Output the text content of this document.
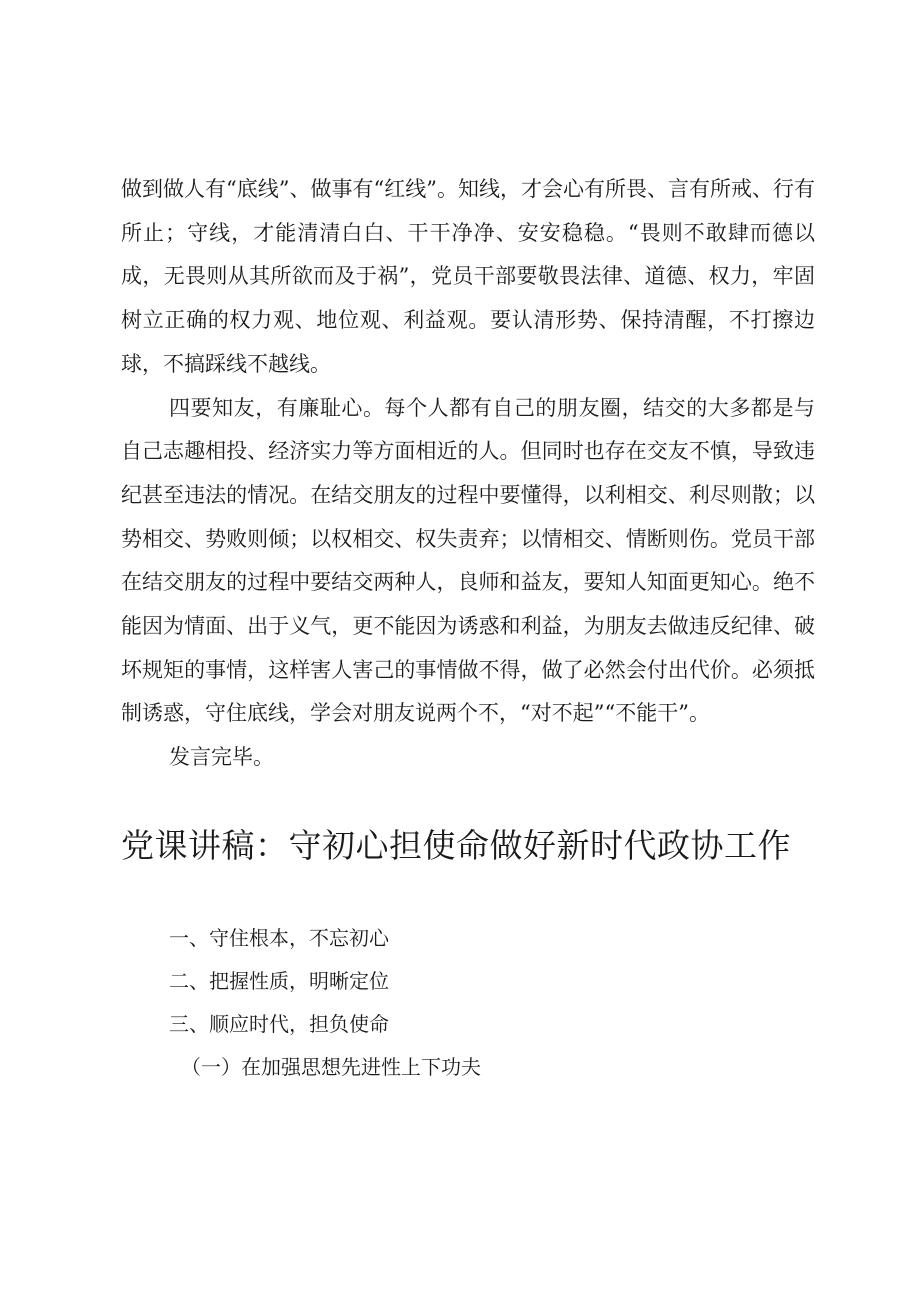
做到做人有“底线”、做事有“红线”。知线，才会心有所畏、言有所戒、行有所止；守线，才能清清白白、干干净净、安安稳稳。“畏则不敢肆而德以成，无畏则从其所欲而及于祸”，党员干部要敬畏法律、道德、权力，牢固树立正确的权力观、地位观、利益观。要认清形势、保持清醒，不打擦边球，不搞踩线不越线。

四要知友，有廉耻心。每个人都有自己的朋友圈，结交的大多都是与自己志趣相投、经济实力等方面相近的人。但同时也存在交友不慎，导致违纪甚至违法的情况。在结交朋友的过程中要懂得，以利相交、利尽则散；以势相交、势败则倾；以权相交、权失责弃；以情相交、情断则伤。党员干部在结交朋友的过程中要结交两种人，良师和益友，要知人知面更知心。绝不能因为情面、出于义气，更不能因为诱惑和利益，为朋友去做违反纪律、破坏规矩的事情，这样害人害己的事情做不得，做了必然会付出代价。必须抵制诱惑，守住底线，学会对朋友说两个不，“对不起”“不能干”。

发言完毕。

党课讲稿：守初心担使命做好新时代政协工作
一、守住根本，不忘初心
二、把握性质，明晰定位
三、顺应时代，担负使命
（一）在加强思想先进性上下功夫
